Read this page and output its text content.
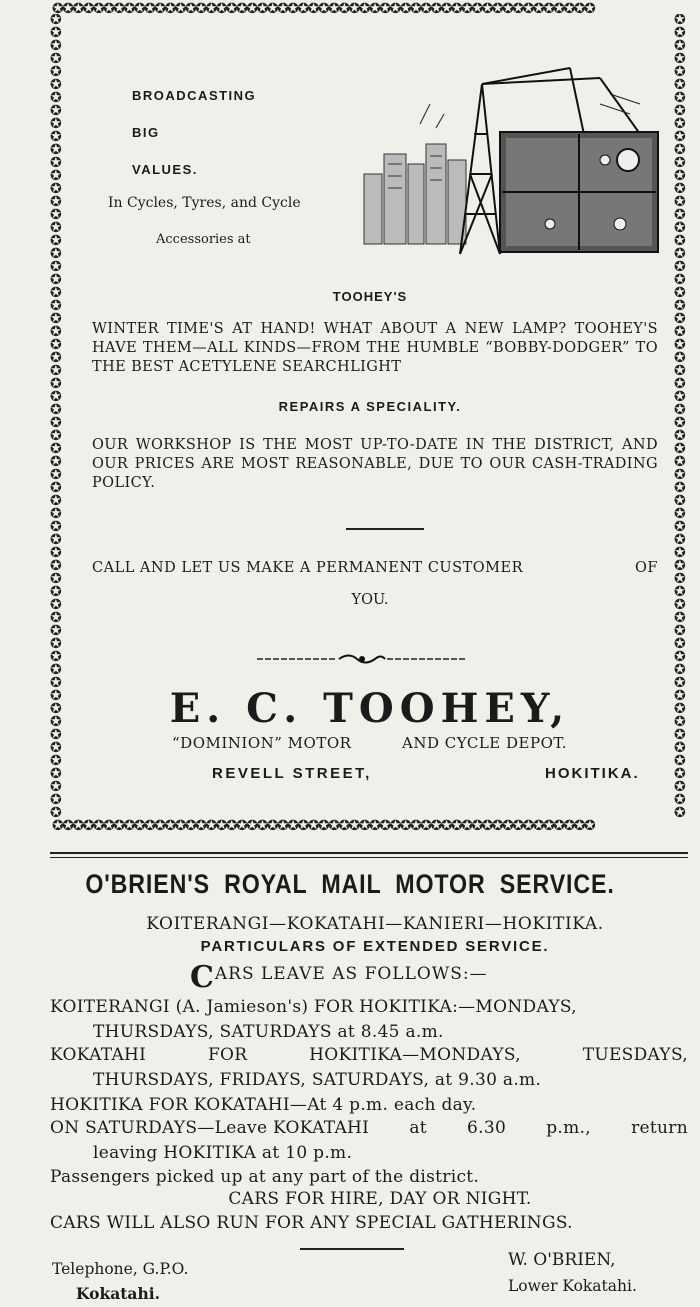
✪✪✪✪✪✪✪✪✪✪✪✪✪✪✪✪✪✪✪✪✪✪✪✪✪✪✪✪✪✪✪✪✪✪✪✪✪✪✪✪✪✪✪✪✪✪✪✪✪✪✪✪✪
✪✪✪✪✪✪✪✪✪✪✪✪✪✪✪✪✪✪✪✪✪✪✪✪✪✪✪✪✪✪✪✪✪✪✪✪✪✪✪✪✪✪✪✪✪✪✪✪✪✪✪✪✪
✪✪✪✪✪✪✪✪✪✪✪✪✪✪✪✪✪✪✪✪✪✪✪✪✪✪✪✪✪✪✪✪✪✪✪✪✪✪✪✪✪✪✪✪✪✪✪✪✪✪✪✪✪✪✪✪✪✪✪✪✪✪
✪✪✪✪✪✪✪✪✪✪✪✪✪✪✪✪✪✪✪✪✪✪✪✪✪✪✪✪✪✪✪✪✪✪✪✪✪✪✪✪✪✪✪✪✪✪✪✪✪✪✪✪✪✪✪✪✪✪✪✪✪✪
BROADCASTING
BIG
VALUES.
In Cycles, Tyres, and Cycle
Accessories at
TOOHEY'S
WINTER TIME'S AT HAND! WHAT ABOUT A NEW LAMP? TOOHEY'S HAVE THEM—ALL KINDS—FROM THE HUMBLE “BOBBY-DODGER” TO THE BEST ACETYLENE SEARCHLIGHT
REPAIRS A SPECIALITY.
OUR WORKSHOP IS THE MOST UP-TO-DATE IN THE DISTRICT, AND OUR PRICES ARE MOST REASONABLE, DUE TO OUR CASH-TRADING POLICY.
CALL AND LET US MAKE A PERMANENT CUSTOMER	OF
YOU.
E. C. TOOHEY,
“DOMINION” MOTOR	AND CYCLE DEPOT.
REVELL STREET,	HOKITIKA.
O'BRIEN'S ROYAL MAIL MOTOR SERVICE.
KOITERANGI—KOKATAHI—KANIERI—HOKITIKA.
PARTICULARS OF EXTENDED SERVICE.
CARS LEAVE AS FOLLOWS:—
KOITERANGI (A. Jamieson's) FOR HOKITIKA:—MONDAYS,
THURSDAYS, SATURDAYS at 8.45 a.m.
KOKATAHI	FOR	HOKITIKA—MONDAYS,	TUESDAYS,
THURSDAYS, FRIDAYS, SATURDAYS, at 9.30 a.m.
HOKITIKA FOR KOKATAHI—At 4 p.m. each day.
ON SATURDAYS—Leave KOKATAHI at 6.30 p.m., return
leaving HOKITIKA at 10 p.m.
Passengers picked up at any part of the district.
CARS FOR HIRE, DAY OR NIGHT.
CARS WILL ALSO RUN FOR ANY SPECIAL GATHERINGS.
Telephone, G.P.O.
Kokatahi.
W. O'BRIEN,
Lower Kokatahi.
